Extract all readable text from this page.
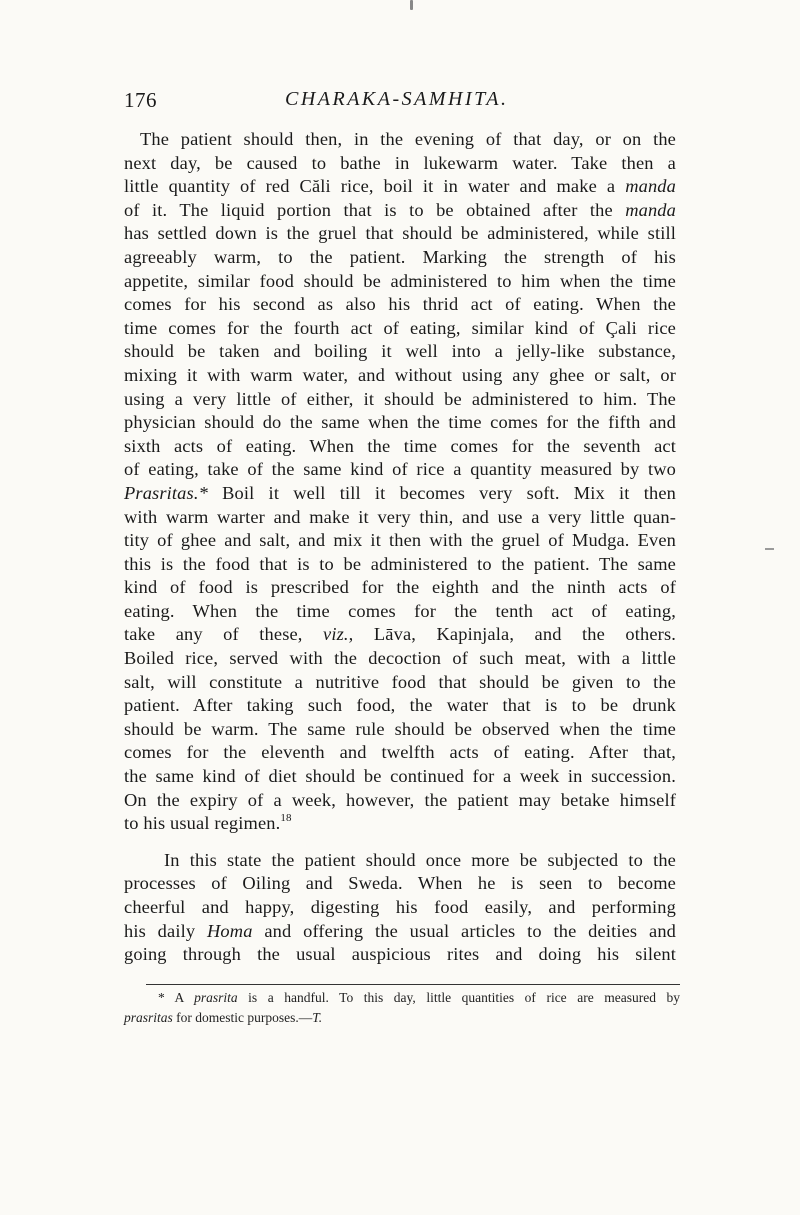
176	CHARAKA-SAMHITA.

The patient should then, in the evening of that day, or on the
next day, be caused to bathe in lukewarm water. Take then a
little quantity of red Căli rice, boil it in water and make a manda
of it. The liquid portion that is to be obtained after the manda
has settled down is the gruel that should be administered, while still
agreeably warm, to the patient. Marking the strength of his
appetite, similar food should be administered to him when the time
comes for his second as also his thrid act of eating. When the
time comes for the fourth act of eating, similar kind of Çali rice
should be taken and boiling it well into a jelly-like substance,
mixing it with warm water, and without using any ghee or salt, or
using a very little of either, it should be administered to him. The
physician should do the same when the time comes for the fifth and
sixth acts of eating. When the time comes for the seventh act
of eating, take of the same kind of rice a quantity measured by two
Prasritas.* Boil it well till it becomes very soft. Mix it then
with warm warter and make it very thin, and use a very little quan-
tity of ghee and salt, and mix it then with the gruel of Mudga. Even
this is the food that is to be administered to the patient. The same
kind of food is prescribed for the eighth and the ninth acts of
eating. When the time comes for the tenth act of eating,
take any of these, viz., Lāva, Kapinjala, and the others.
Boiled rice, served with the decoction of such meat, with a little
salt, will constitute a nutritive food that should be given to the
patient. After taking such food, the water that is to be drunk
should be warm. The same rule should be observed when the time
comes for the eleventh and twelfth acts of eating. After that,
the same kind of diet should be continued for a week in succession.
On the expiry of a week, however, the patient may betake himself
to his usual regimen.$^{18}$

In this state the patient should once more be subjected to the
processes of Oiling and Sweda. When he is seen to become
cheerful and happy, digesting his food easily, and performing
his daily Homa and offering the usual articles to the deities and
going through the usual auspicious rites and doing his silent

* A prasrita is a handful. To this day, little quantities of rice are measured by
prasritas for domestic purposes.—T.
